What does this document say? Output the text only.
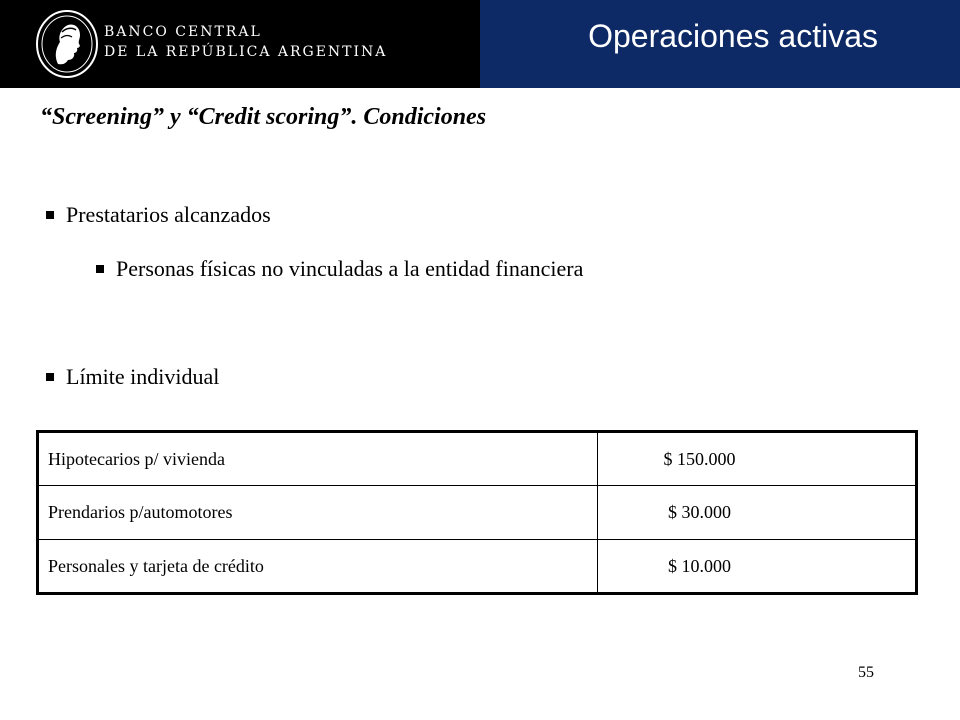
BANCO CENTRAL
DE LA REPÚBLICA ARGENTINA	Operaciones activas
“Screening” y “Credit scoring”. Condiciones
Prestatarios alcanzados
Personas físicas no vinculadas a la entidad financiera
Límite individual
Hipotecarios p/ vivienda	$ 150.000
Prendarios p/automotores	$ 30.000
Personales y tarjeta de crédito	$ 10.000
55
